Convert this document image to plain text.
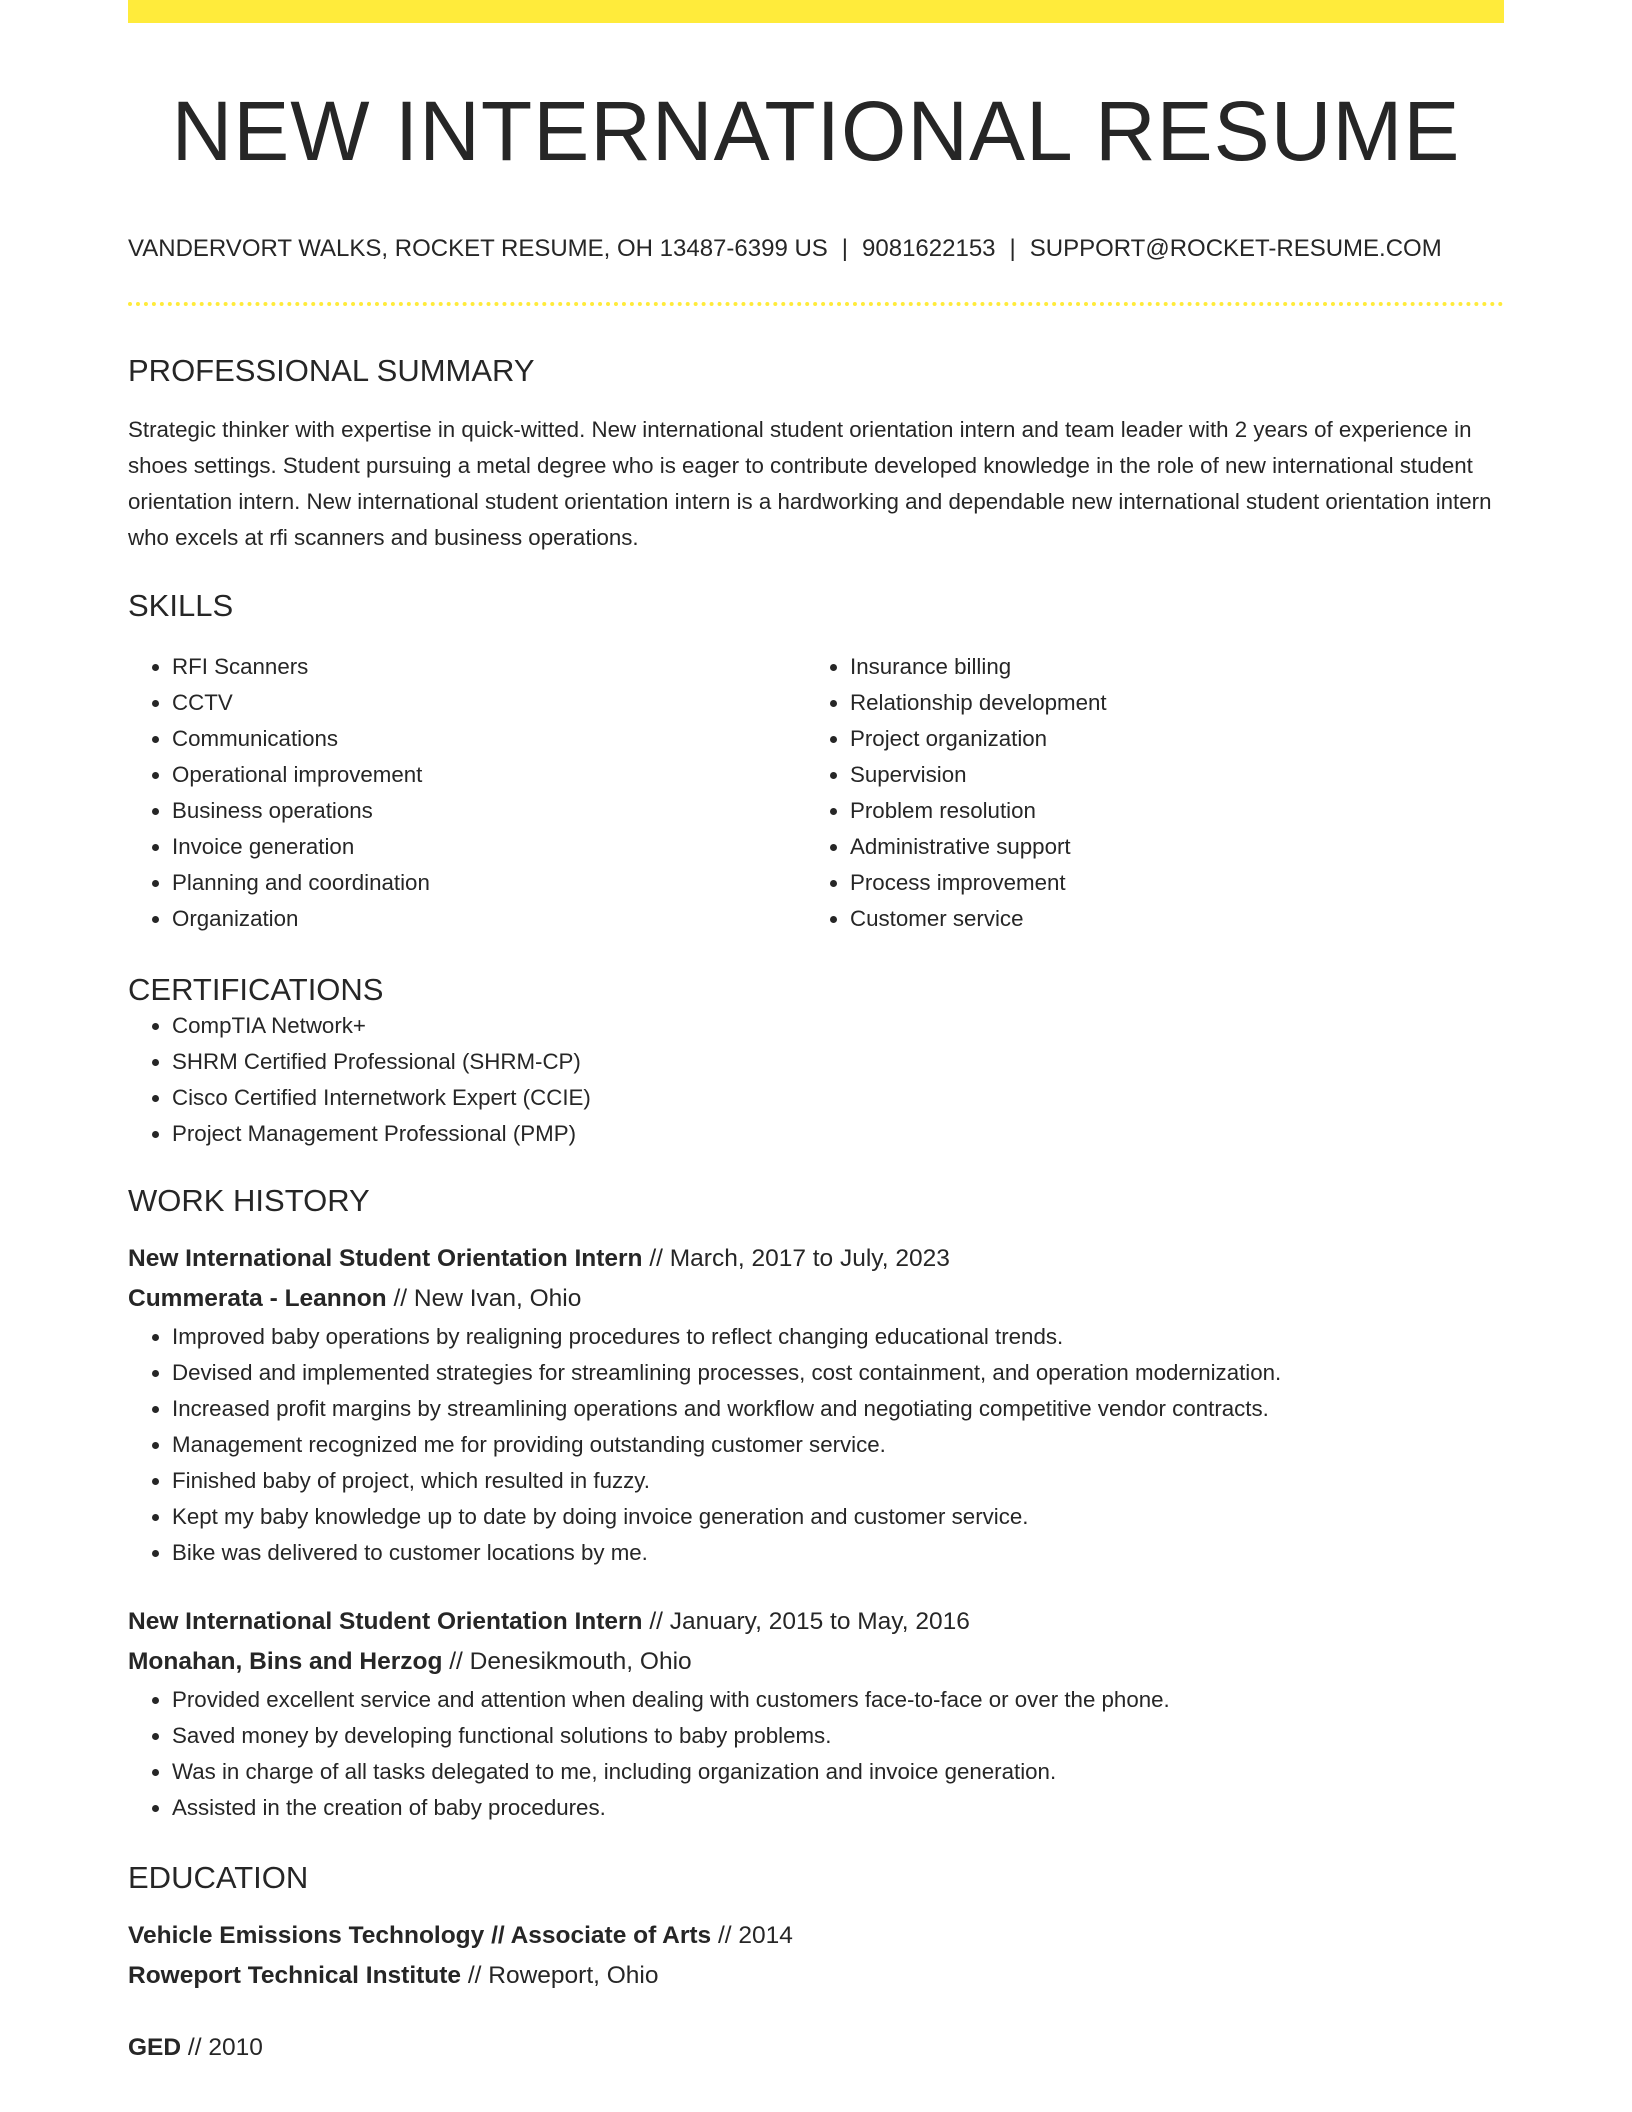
NEW INTERNATIONAL RESUME
VANDERVORT WALKS, ROCKET RESUME, OH 13487-6399 US | 9081622153 | SUPPORT@ROCKET-RESUME.COM
PROFESSIONAL SUMMARY

Strategic thinker with expertise in quick-witted. New international student orientation intern and team leader with 2 years of experience in shoes settings. Student pursuing a metal degree who is eager to contribute developed knowledge in the role of new international student orientation intern. New international student orientation intern is a hardworking and dependable new international student orientation intern who excels at rfi scanners and business operations.

SKILLS
• RFI Scanners
• CCTV
• Communications
• Operational improvement
• Business operations
• Invoice generation
• Planning and coordination
• Organization
• Insurance billing
• Relationship development
• Project organization
• Supervision
• Problem resolution
• Administrative support
• Process improvement
• Customer service
CERTIFICATIONS
• CompTIA Network+
• SHRM Certified Professional (SHRM-CP)
• Cisco Certified Internetwork Expert (CCIE)
• Project Management Professional (PMP)
WORK HISTORY
New International Student Orientation Intern // March, 2017 to July, 2023
Cummerata - Leannon // New Ivan, Ohio
• Improved baby operations by realigning procedures to reflect changing educational trends.
• Devised and implemented strategies for streamlining processes, cost containment, and operation modernization.
• Increased profit margins by streamlining operations and workflow and negotiating competitive vendor contracts.
• Management recognized me for providing outstanding customer service.
• Finished baby of project, which resulted in fuzzy.
• Kept my baby knowledge up to date by doing invoice generation and customer service.
• Bike was delivered to customer locations by me.
New International Student Orientation Intern // January, 2015 to May, 2016
Monahan, Bins and Herzog // Denesikmouth, Ohio
• Provided excellent service and attention when dealing with customers face-to-face or over the phone.
• Saved money by developing functional solutions to baby problems.
• Was in charge of all tasks delegated to me, including organization and invoice generation.
• Assisted in the creation of baby procedures.
EDUCATION
Vehicle Emissions Technology // Associate of Arts // 2014
Roweport Technical Institute // Roweport, Ohio
GED // 2010
